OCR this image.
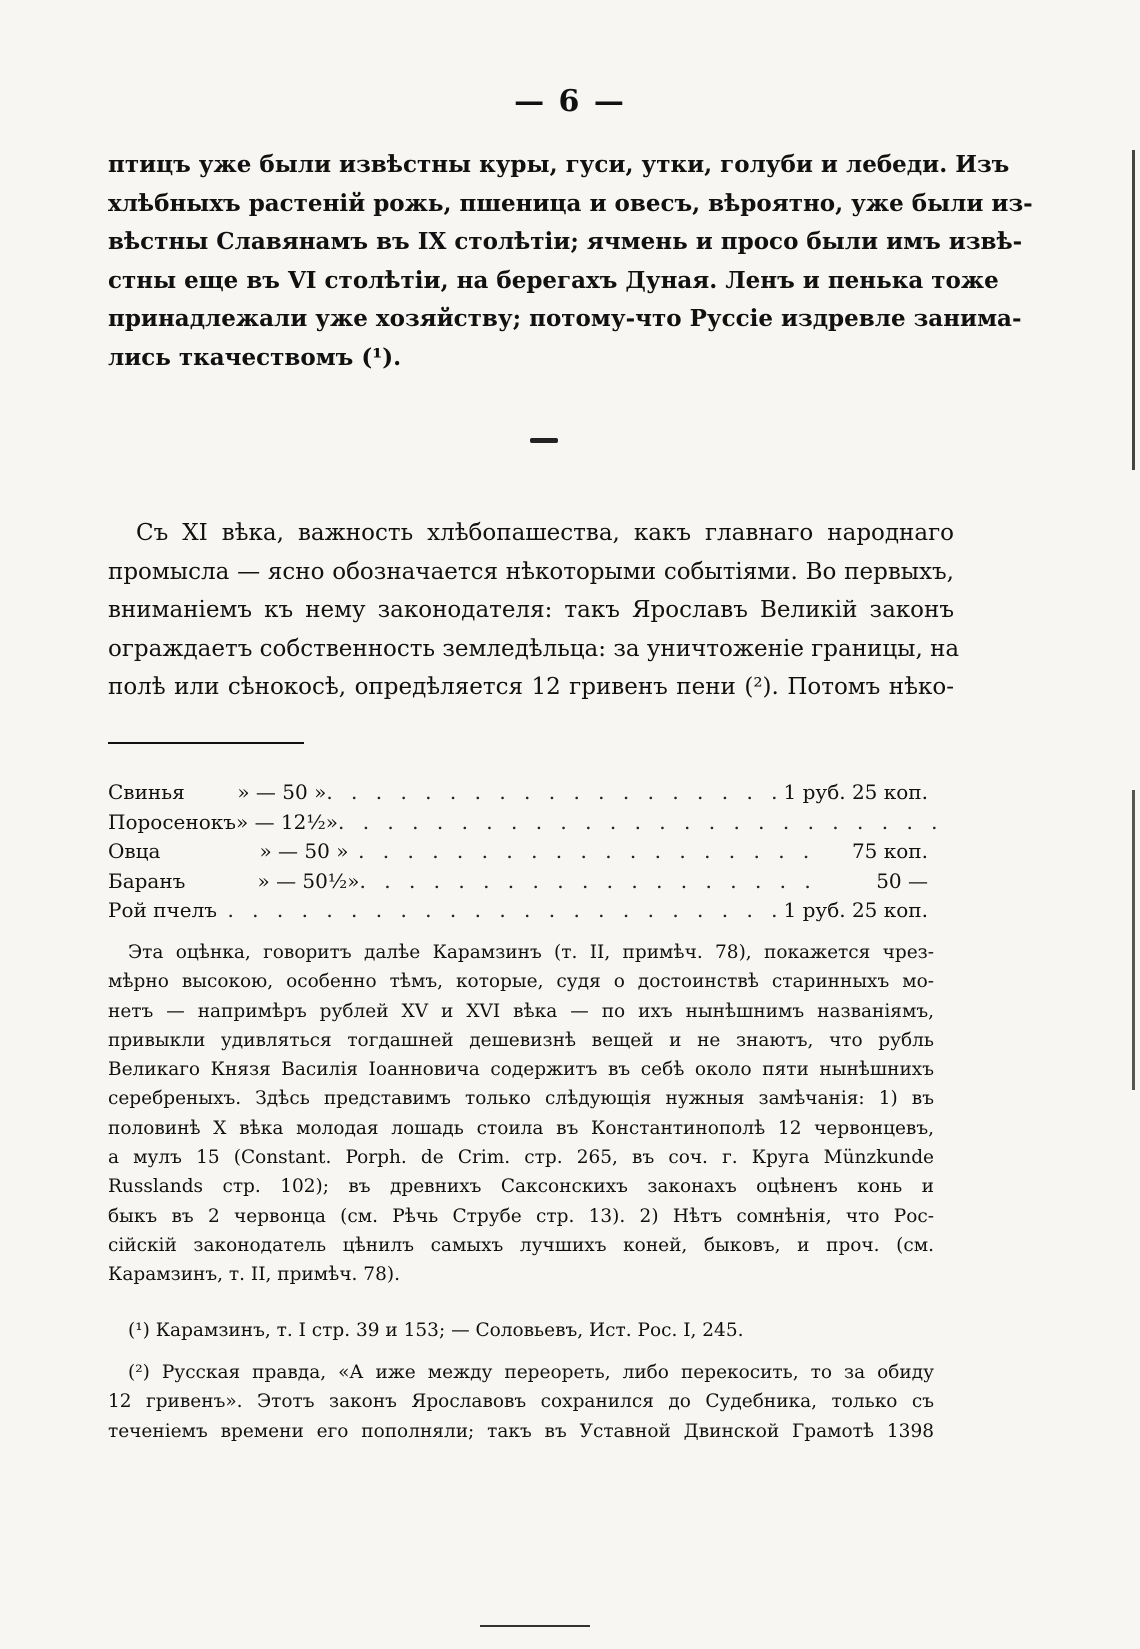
— 6 —

птицъ уже были извѣстны куры, гуси, утки, голуби и лебеди. Изъ
хлѣбныхъ растеній рожь, пшеница и овесъ, вѣроятно, уже были из-
вѣстны Славянамъ въ IX столѣтіи; ячмень и просо были имъ извѣ-
стны еще въ VI столѣтіи, на берегахъ Дуная. Ленъ и пенька тоже
принадлежали уже хозяйству; потому-что Руссіе издревле занима-
лись ткачествомъ (¹).

Съ XI вѣка, важность хлѣбопашества, какъ главнаго народнаго
промысла — ясно обозначается нѣкоторыми событіями. Во первыхъ,
вниманіемъ къ нему законодателя: такъ Ярославъ Великій законъ
ограждаетъ собственность земледѣльца: за уничтоженіе границы, на
полѣ или сѣнокосѣ, опредѣляется 12 гривенъ пени (²). Потомъ нѣко-

Свинья	» — 50 » . . . . . . . . . . . . . . . . . . . 1 руб. 25 коп.
Поросенокъ » — 12½» . . . . . . . . . . . . . . . . . . . . . . . . .
Овца	» — 50 » . . . . . . . . . . . . . . . . . . .	75 коп.
Баранъ	» — 50½» . . . . . . . . . . . . . . . . . . .	50 —
Рой пчелъ . . . . . . . . . . . . . . . . . . . . . . . 1 руб. 25 коп.
Эта оцѣнка, говоритъ далѣе Карамзинъ (т. II, примѣч. 78), покажется чрез-
мѣрно высокою, особенно тѣмъ, которые, судя о достоинствѣ старинныхъ мо-
нетъ — напримѣръ рублей XV и XVI вѣка — по ихъ нынѣшнимъ названіямъ,
привыкли удивляться тогдашней дешевизнѣ вещей и не знаютъ, что рубль
Великаго Князя Василія Іоанновича содержитъ въ себѣ около пяти нынѣшнихъ
серебреныхъ. Здѣсь представимъ только слѣдующія нужныя замѣчанія: 1) въ
половинѣ X вѣка молодая лошадь стоила въ Константинополѣ 12 червонцевъ,
а мулъ 15 (Constant. Porph. de Crim. стр. 265, въ соч. г. Круга Münzkunde
Russlands стр. 102); въ древнихъ Саксонскихъ законахъ оцѣненъ конь и
быкъ въ 2 червонца (см. Рѣчь Струбе стр. 13). 2) Нѣтъ сомнѣнія, что Рос-
сійскій законодатель цѣнилъ самыхъ лучшихъ коней, быковъ, и проч. (см.
Карамзинъ, т. II, примѣч. 78).
(¹) Карамзинъ, т. I стр. 39 и 153; — Соловьевъ, Ист. Рос. I, 245.
(²) Русская правда, «А иже между переореть, либо перекосить, то за обиду
12 гривенъ». Этотъ законъ Ярославовъ сохранился до Судебника, только съ
теченіемъ времени его пополняли; такъ въ Уставной Двинской Грамотѣ 1398
